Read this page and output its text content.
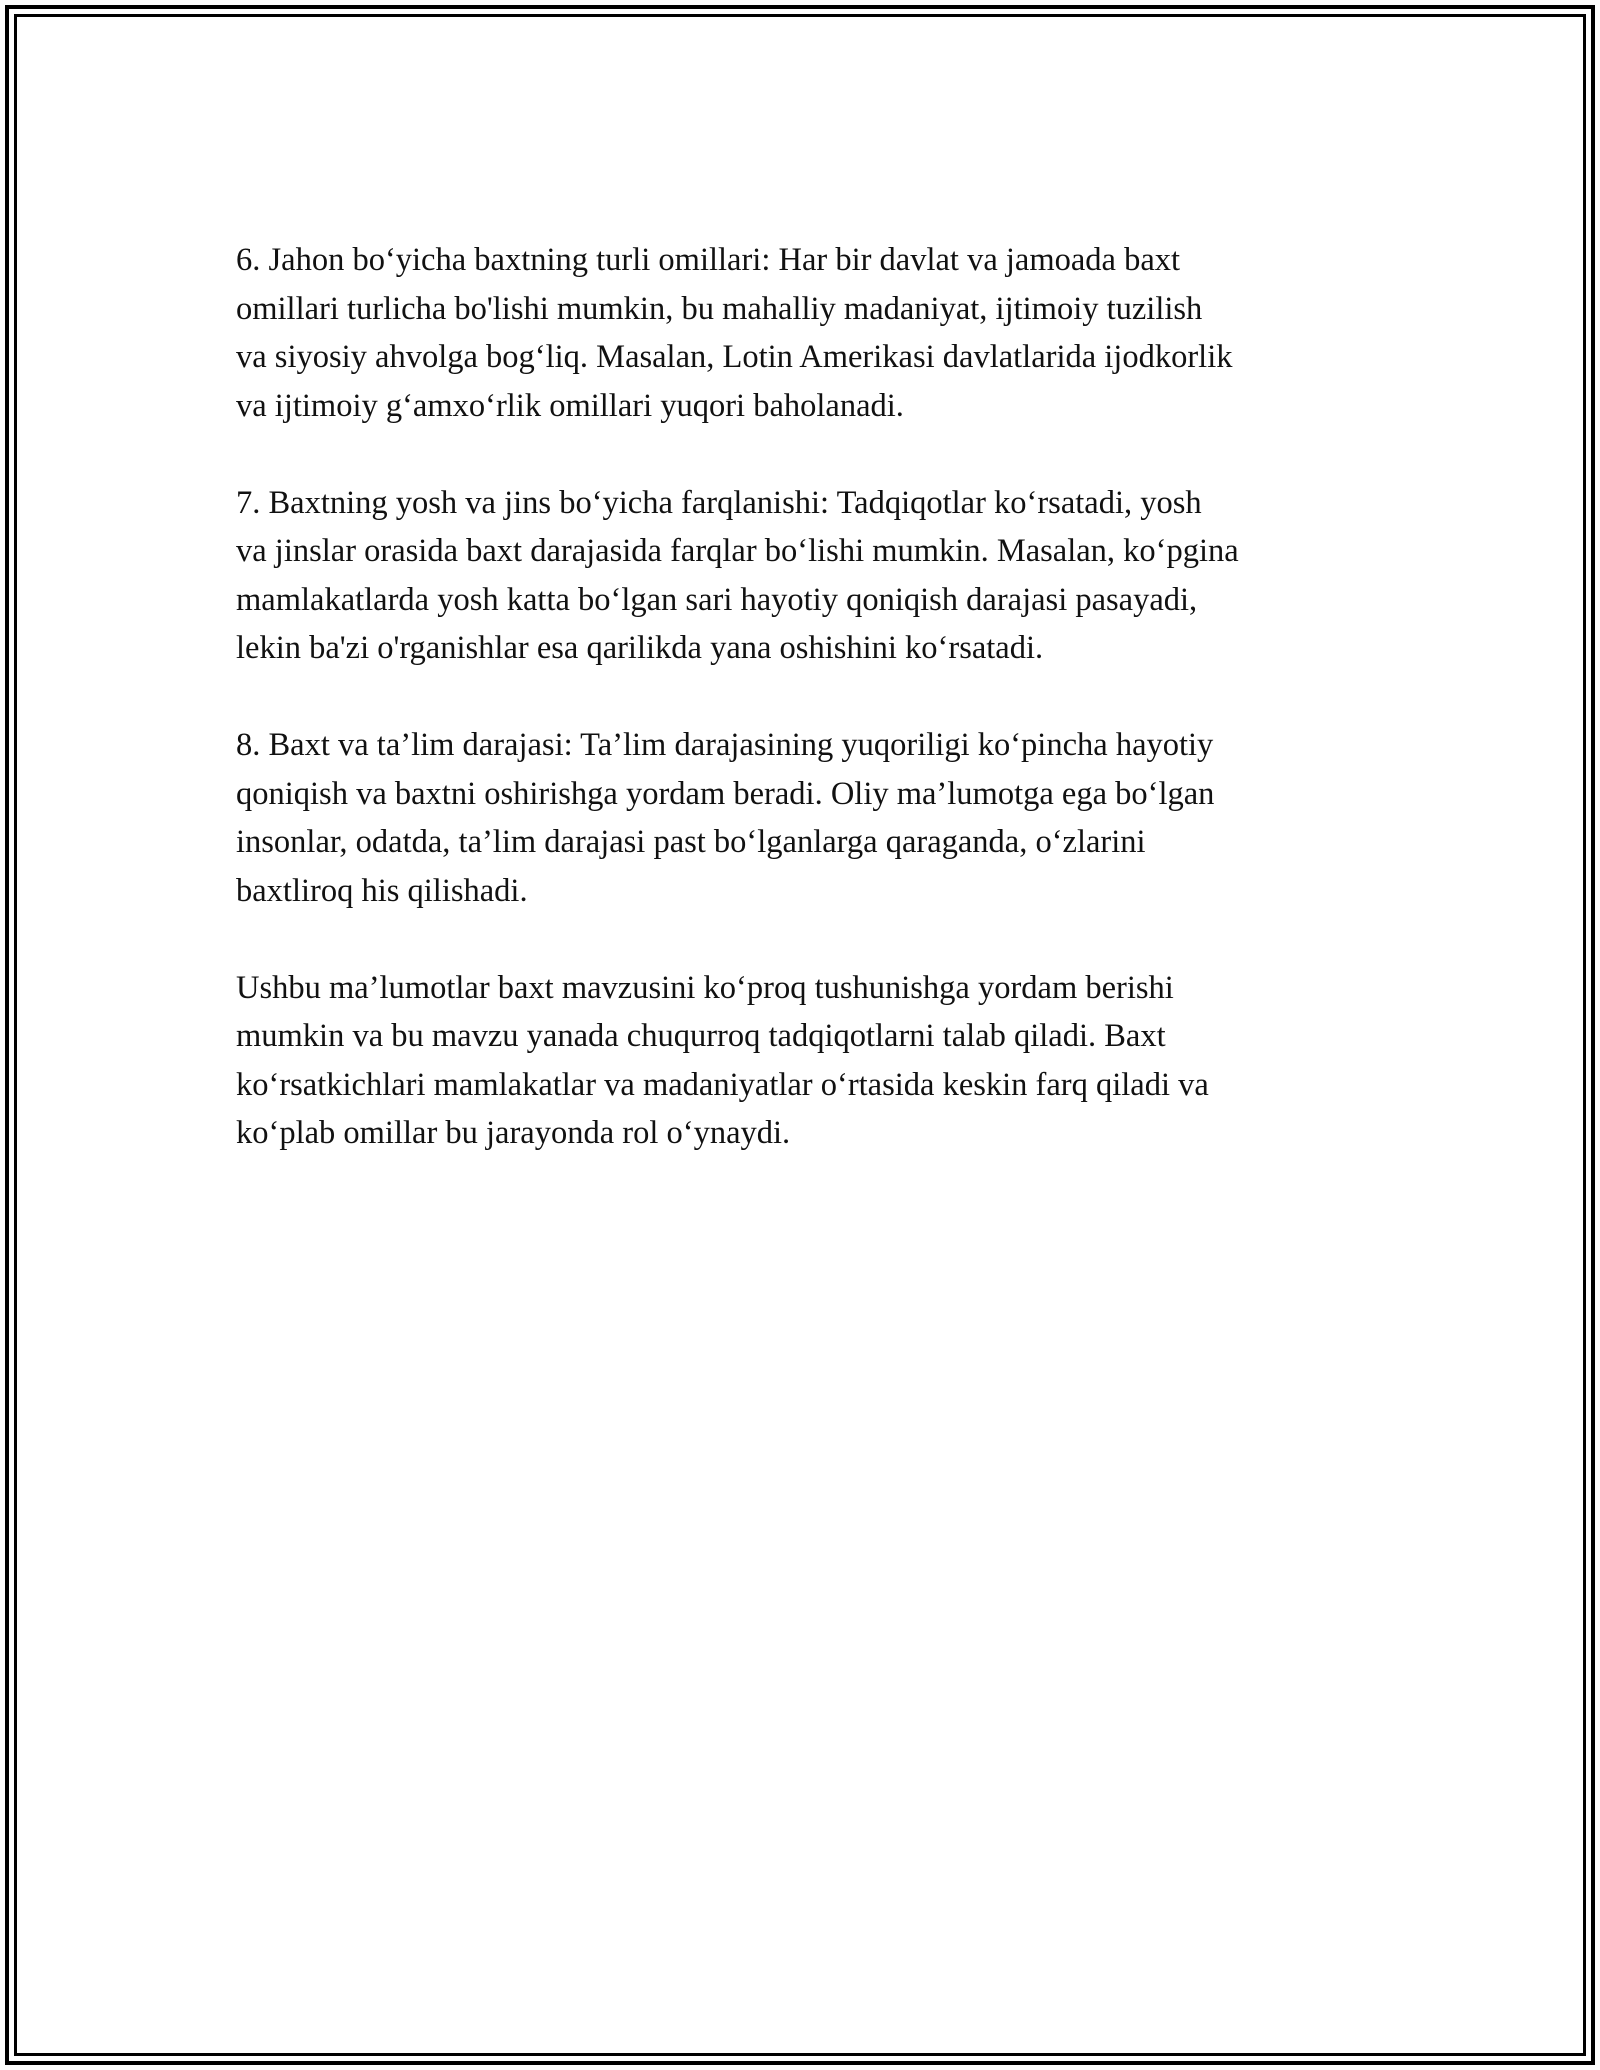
6. Jahon bo‘yicha baxtning turli omillari: Har bir davlat va jamoada baxt
omillari turlicha bo'lishi mumkin, bu mahalliy madaniyat, ijtimoiy tuzilish
va siyosiy ahvolga bog‘liq. Masalan, Lotin Amerikasi davlatlarida ijodkorlik
va ijtimoiy g‘amxo‘rlik omillari yuqori baholanadi.

7. Baxtning yosh va jins bo‘yicha farqlanishi: Tadqiqotlar ko‘rsatadi, yosh
va jinslar orasida baxt darajasida farqlar bo‘lishi mumkin. Masalan, ko‘pgina
mamlakatlarda yosh katta bo‘lgan sari hayotiy qoniqish darajasi pasayadi,
lekin ba'zi o'rganishlar esa qarilikda yana oshishini ko‘rsatadi.

8. Baxt va ta’lim darajasi: Ta’lim darajasining yuqoriligi ko‘pincha hayotiy
qoniqish va baxtni oshirishga yordam beradi. Oliy ma’lumotga ega bo‘lgan
insonlar, odatda, ta’lim darajasi past bo‘lganlarga qaraganda, o‘zlarini
baxtliroq his qilishadi.

Ushbu ma’lumotlar baxt mavzusini ko‘proq tushunishga yordam berishi
mumkin va bu mavzu yanada chuqurroq tadqiqotlarni talab qiladi. Baxt
ko‘rsatkichlari mamlakatlar va madaniyatlar o‘rtasida keskin farq qiladi va
ko‘plab omillar bu jarayonda rol o‘ynaydi.
